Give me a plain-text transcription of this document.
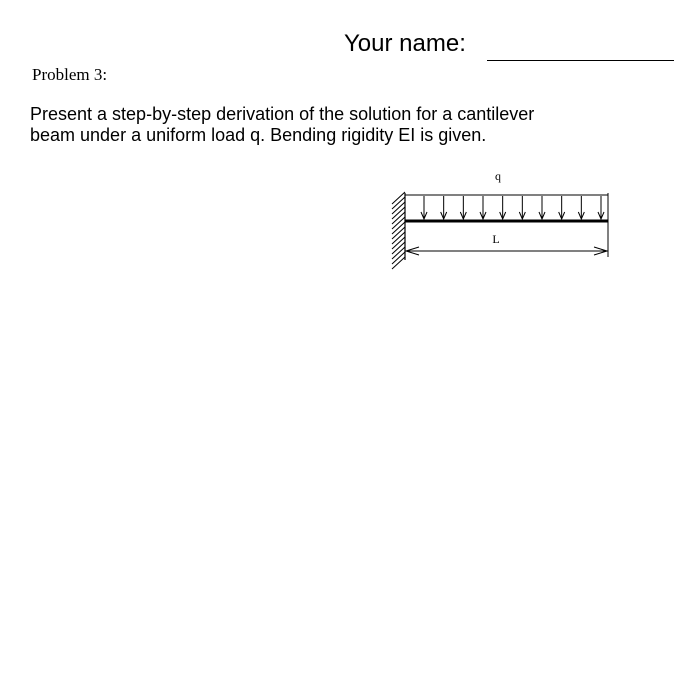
Your name:
Problem 3:
Present a step-by-step derivation of the solution for a cantilever
beam under a uniform load q. Bending rigidity EI is given.
q
L
